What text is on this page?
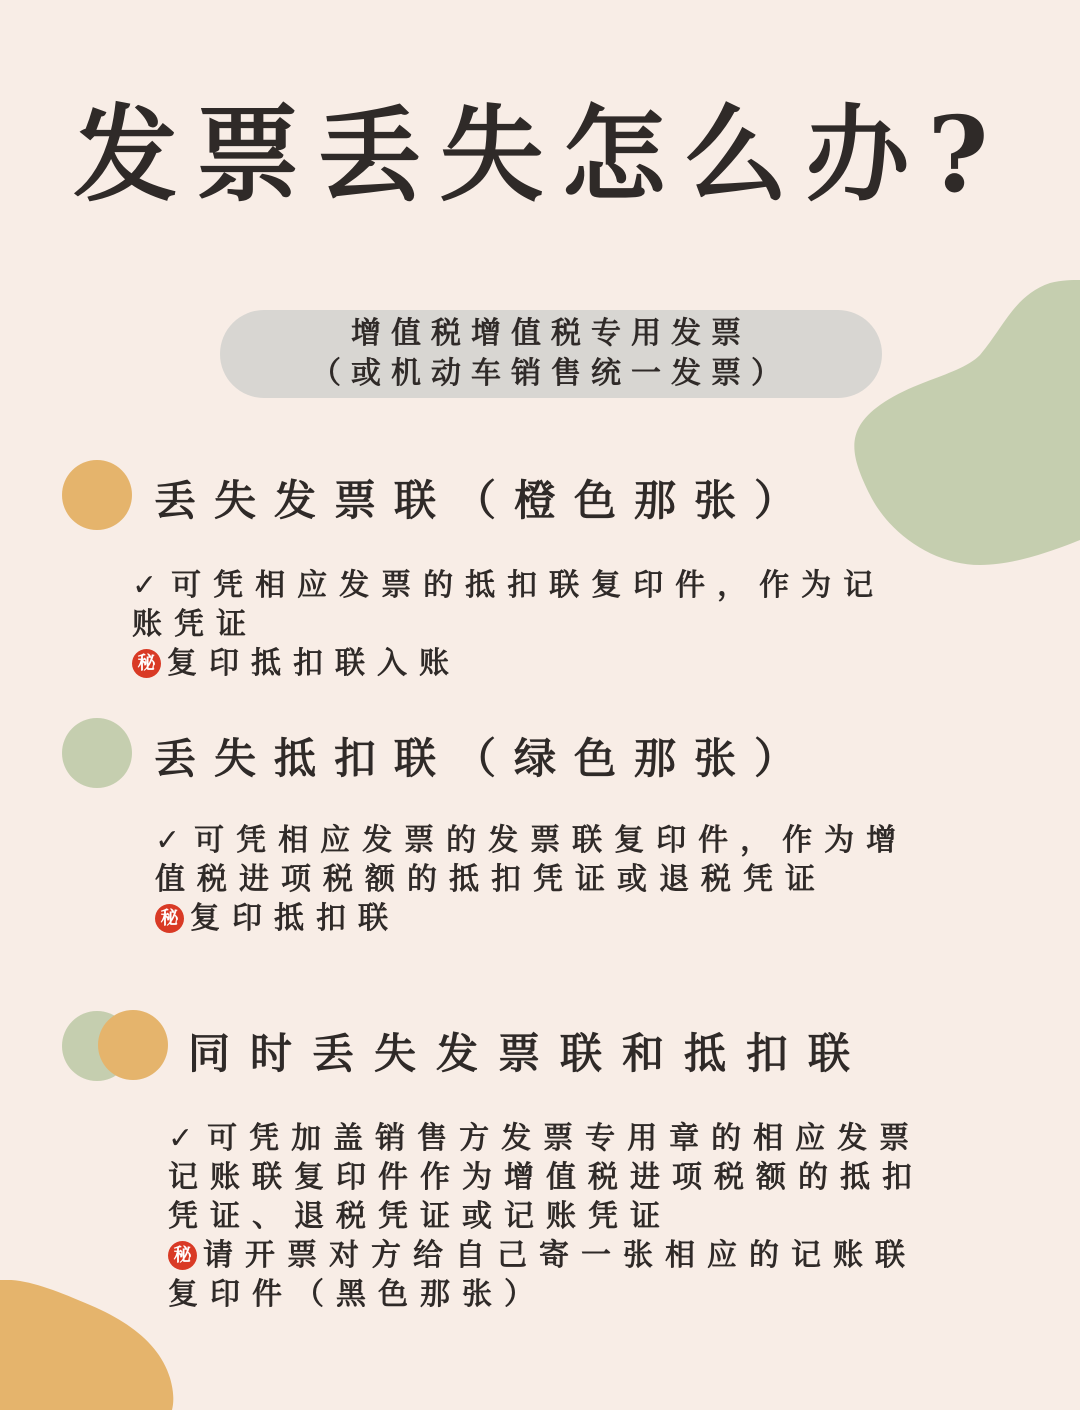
发票丢失怎么办?
增值税增值税专用发票
（或机动车销售统一发票）
丢失发票联（橙色那张）
✓可凭相应发票的抵扣联复印件，作为记
账凭证
秘 复印抵扣联入账
丢失抵扣联（绿色那张）
✓可凭相应发票的发票联复印件，作为增
值税进项税额的抵扣凭证或退税凭证
秘 复印抵扣联
同时丢失发票联和抵扣联
✓可凭加盖销售方发票专用章的相应发票
记账联复印件作为增值税进项税额的抵扣
凭证、退税凭证或记账凭证
秘 请开票对方给自己寄一张相应的记账联
复印件（黑色那张）
